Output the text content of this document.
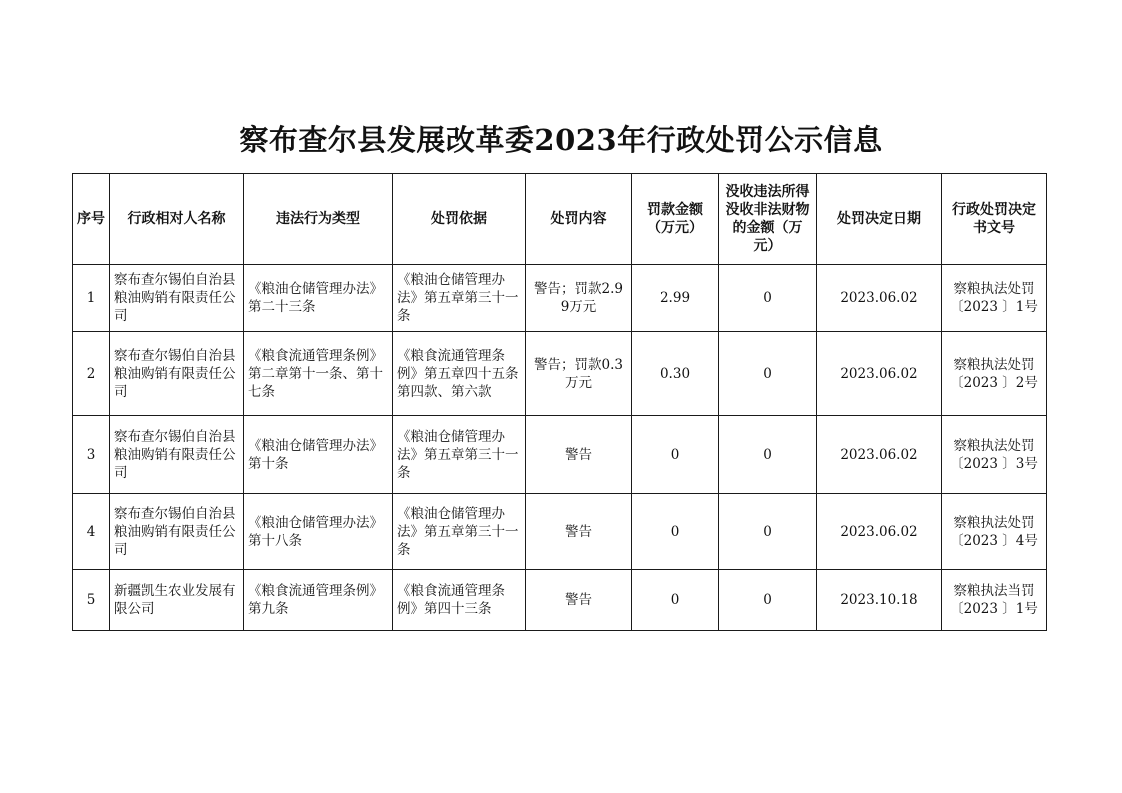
察布查尔县发展改革委2023年行政处罚公示信息
序号	行政相对人名称	违法行为类型	处罚依据	处罚内容	罚款金额（万元）	没收违法所得没收非法财物的金额（万元）	处罚决定日期	行政处罚决定书文号
1	察布查尔锡伯自治县粮油购销有限责任公司	《粮油仓储管理办法》第二十三条	《粮油仓储管理办法》第五章第三十一条	警告；罚款2.99万元	2.99	0	2023.06.02	察粮执法处罚〔2023 〕1号
2	察布查尔锡伯自治县粮油购销有限责任公司	《粮食流通管理条例》第二章第十一条、第十七条	《粮食流通管理条例》第五章四十五条第四款、第六款	警告；罚款0.3万元	0.30	0	2023.06.02	察粮执法处罚〔2023 〕2号
3	察布查尔锡伯自治县粮油购销有限责任公司	《粮油仓储管理办法》第十条	《粮油仓储管理办法》第五章第三十一条	警告	0	0	2023.06.02	察粮执法处罚〔2023 〕3号
4	察布查尔锡伯自治县粮油购销有限责任公司	《粮油仓储管理办法》第十八条	《粮油仓储管理办法》第五章第三十一条	警告	0	0	2023.06.02	察粮执法处罚〔2023 〕4号
5	新疆凯生农业发展有限公司	《粮食流通管理条例》第九条	《粮食流通管理条例》第四十三条	警告	0	0	2023.10.18	察粮执法当罚〔2023 〕1号
